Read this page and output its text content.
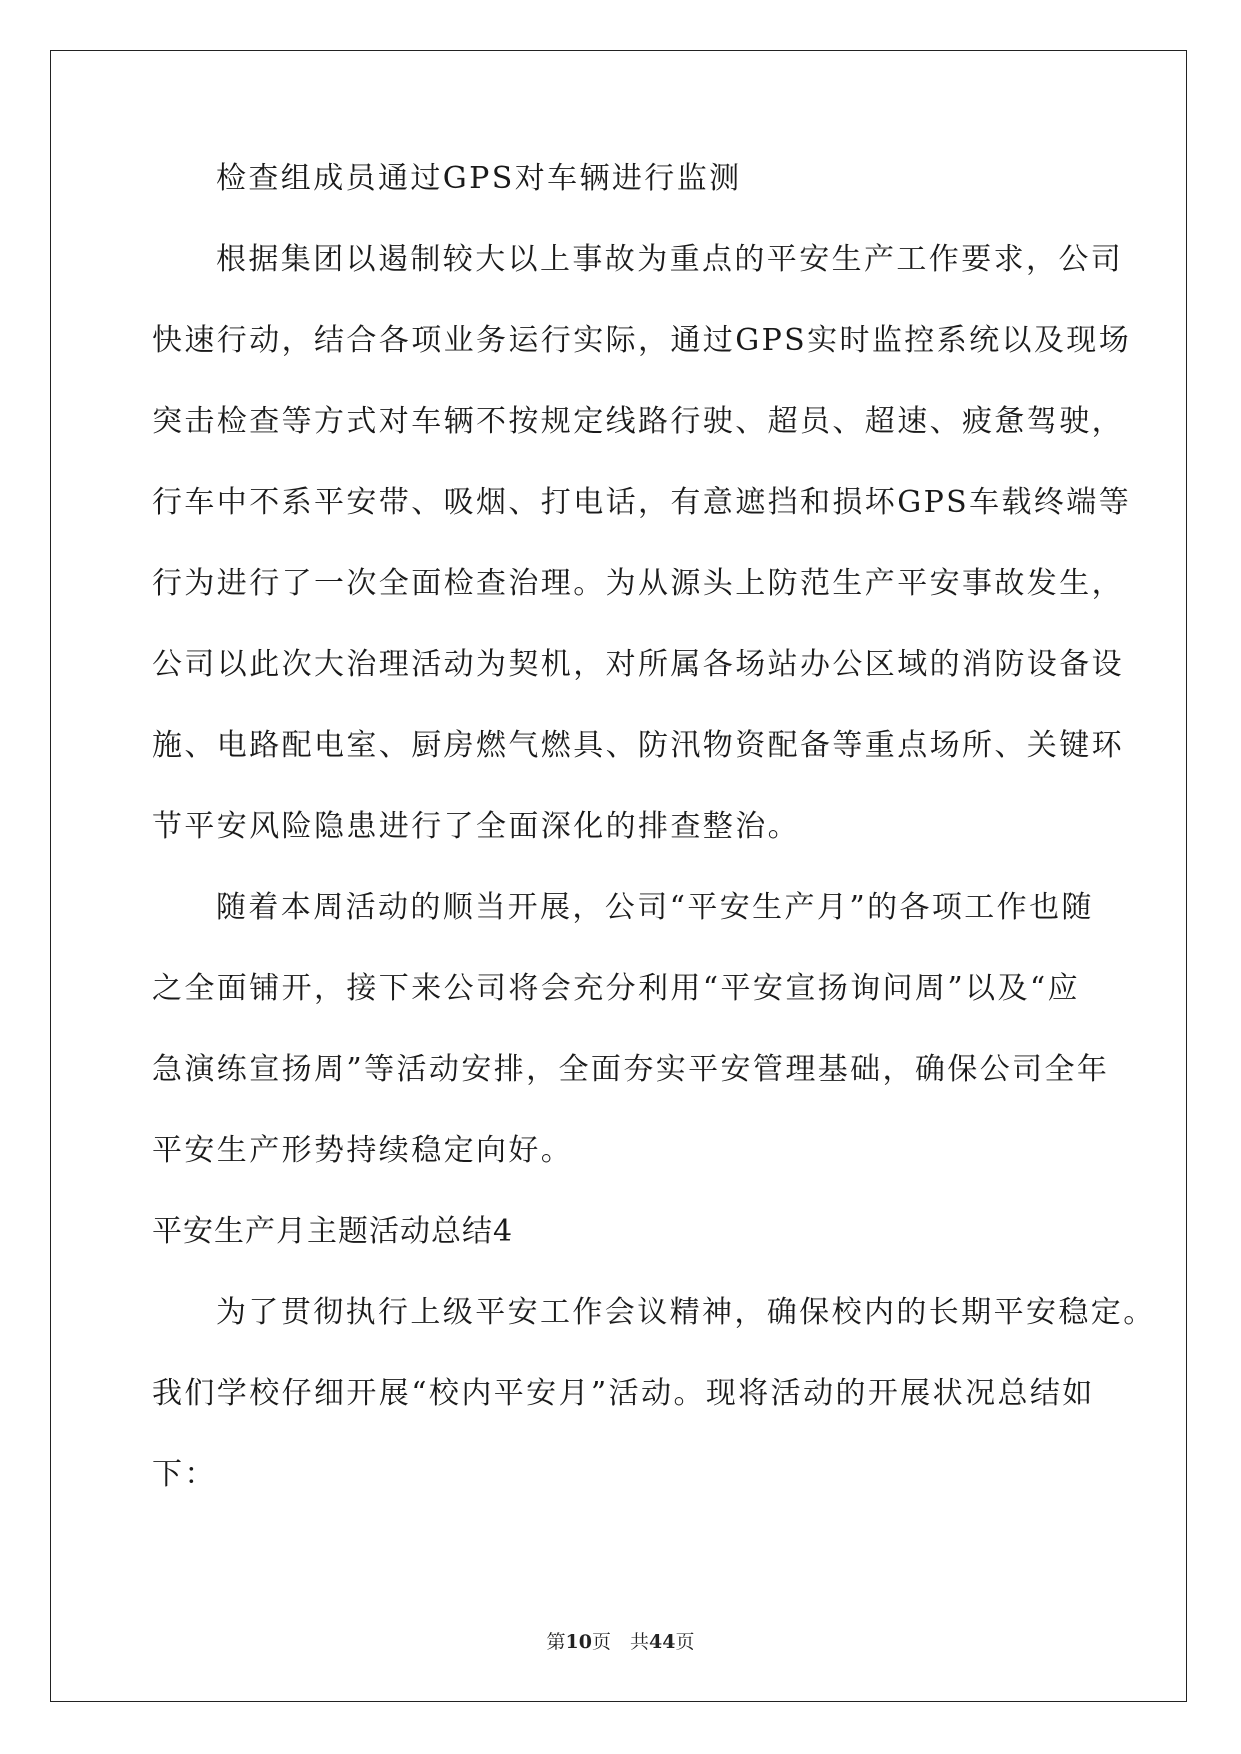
检查组成员通过GPS对车辆进行监测
根据集团以遏制较大以上事故为重点的平安生产工作要求，公司
快速行动，结合各项业务运行实际，通过GPS实时监控系统以及现场
突击检查等方式对车辆不按规定线路行驶、超员、超速、疲惫驾驶，
行车中不系平安带、吸烟、打电话，有意遮挡和损坏GPS车载终端等
行为进行了一次全面检查治理。为从源头上防范生产平安事故发生，
公司以此次大治理活动为契机，对所属各场站办公区域的消防设备设
施、电路配电室、厨房燃气燃具、防汛物资配备等重点场所、关键环
节平安风险隐患进行了全面深化的排查整治。
随着本周活动的顺当开展，公司“平安生产月”的各项工作也随
之全面铺开，接下来公司将会充分利用“平安宣扬询问周”以及“应
急演练宣扬周”等活动安排，全面夯实平安管理基础，确保公司全年
平安生产形势持续稳定向好。
平安生产月主题活动总结4
为了贯彻执行上级平安工作会议精神，确保校内的长期平安稳定。
我们学校仔细开展“校内平安月”活动。现将活动的开展状况总结如
下：
第10页　共44页
